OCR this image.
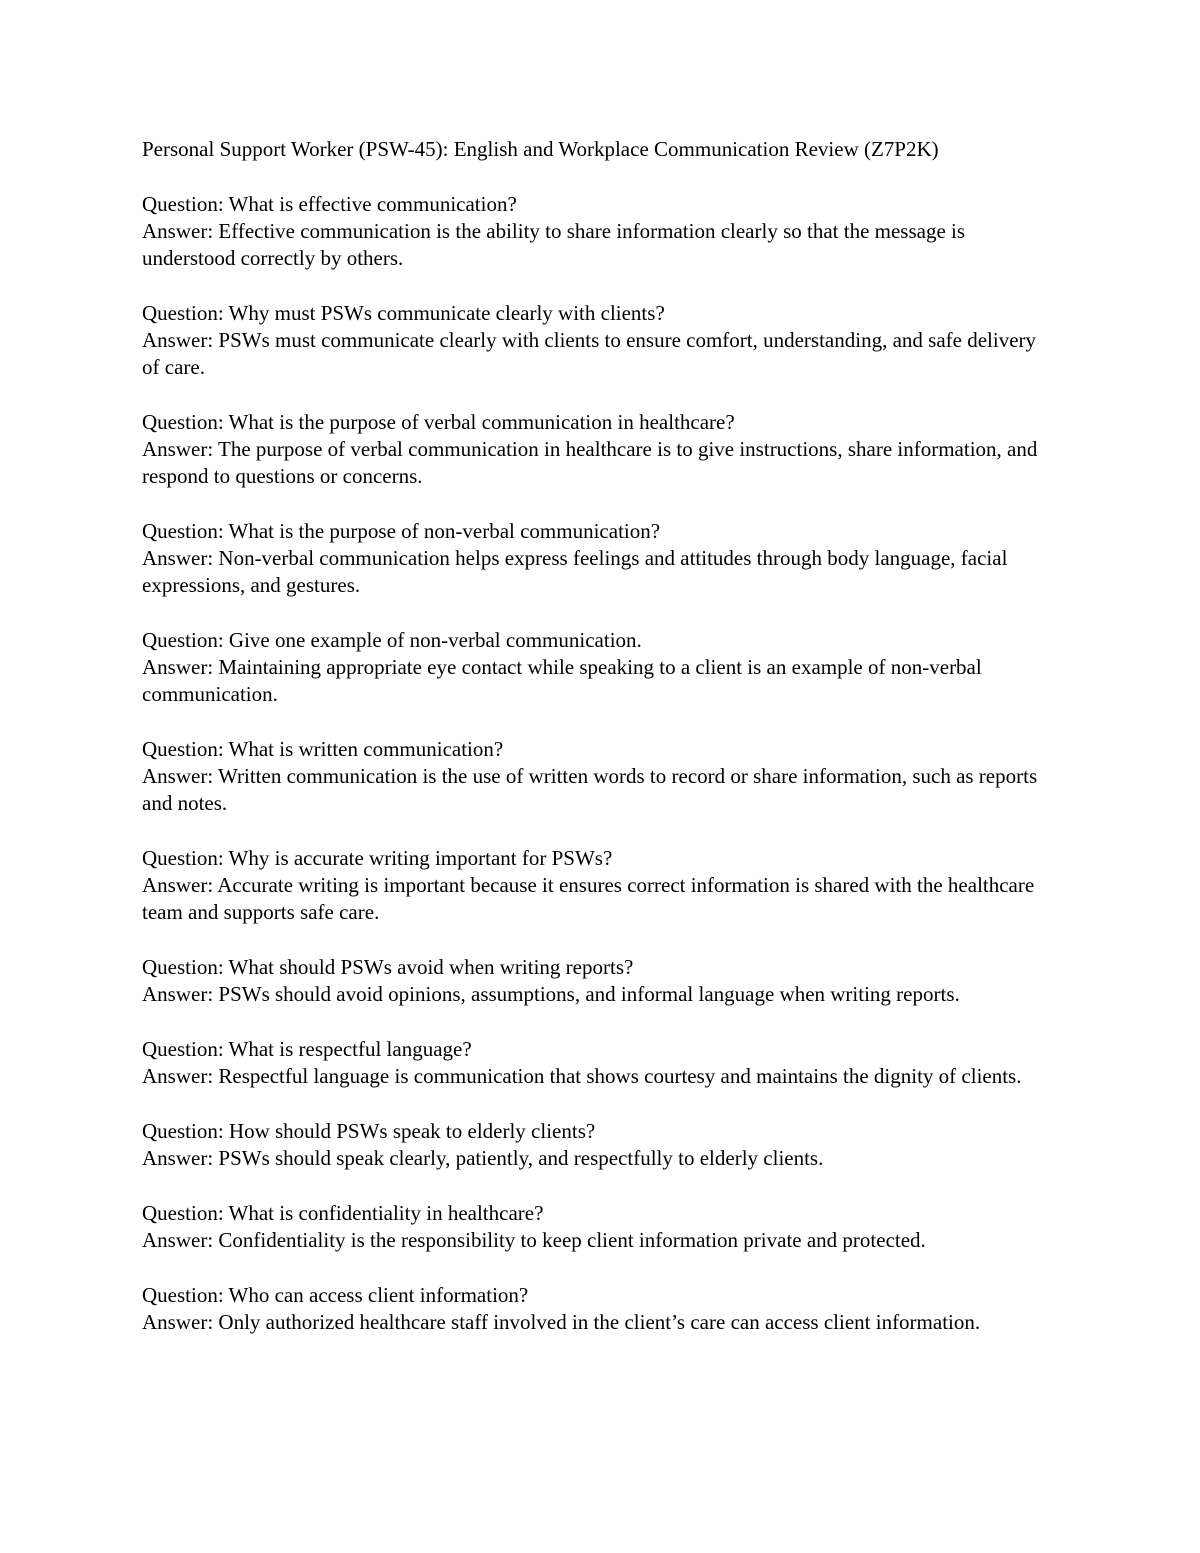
Personal Support Worker (PSW-45): English and Workplace Communication Review (Z7P2K)

Question: What is effective communication?

Answer: Effective communication is the ability to share information clearly so that the message is understood correctly by others.

Question: Why must PSWs communicate clearly with clients?

Answer: PSWs must communicate clearly with clients to ensure comfort, understanding, and safe delivery of care.

Question: What is the purpose of verbal communication in healthcare?

Answer: The purpose of verbal communication in healthcare is to give instructions, share information, and respond to questions or concerns.

Question: What is the purpose of non-verbal communication?

Answer: Non-verbal communication helps express feelings and attitudes through body language, facial expressions, and gestures.

Question: Give one example of non-verbal communication.

Answer: Maintaining appropriate eye contact while speaking to a client is an example of non-verbal communication.

Question: What is written communication?

Answer: Written communication is the use of written words to record or share information, such as reports and notes.

Question: Why is accurate writing important for PSWs?

Answer: Accurate writing is important because it ensures correct information is shared with the healthcare team and supports safe care.

Question: What should PSWs avoid when writing reports?

Answer: PSWs should avoid opinions, assumptions, and informal language when writing reports.

Question: What is respectful language?

Answer: Respectful language is communication that shows courtesy and maintains the dignity of clients.

Question: How should PSWs speak to elderly clients?

Answer: PSWs should speak clearly, patiently, and respectfully to elderly clients.

Question: What is confidentiality in healthcare?

Answer: Confidentiality is the responsibility to keep client information private and protected.

Question: Who can access client information?

Answer: Only authorized healthcare staff involved in the client’s care can access client information.
